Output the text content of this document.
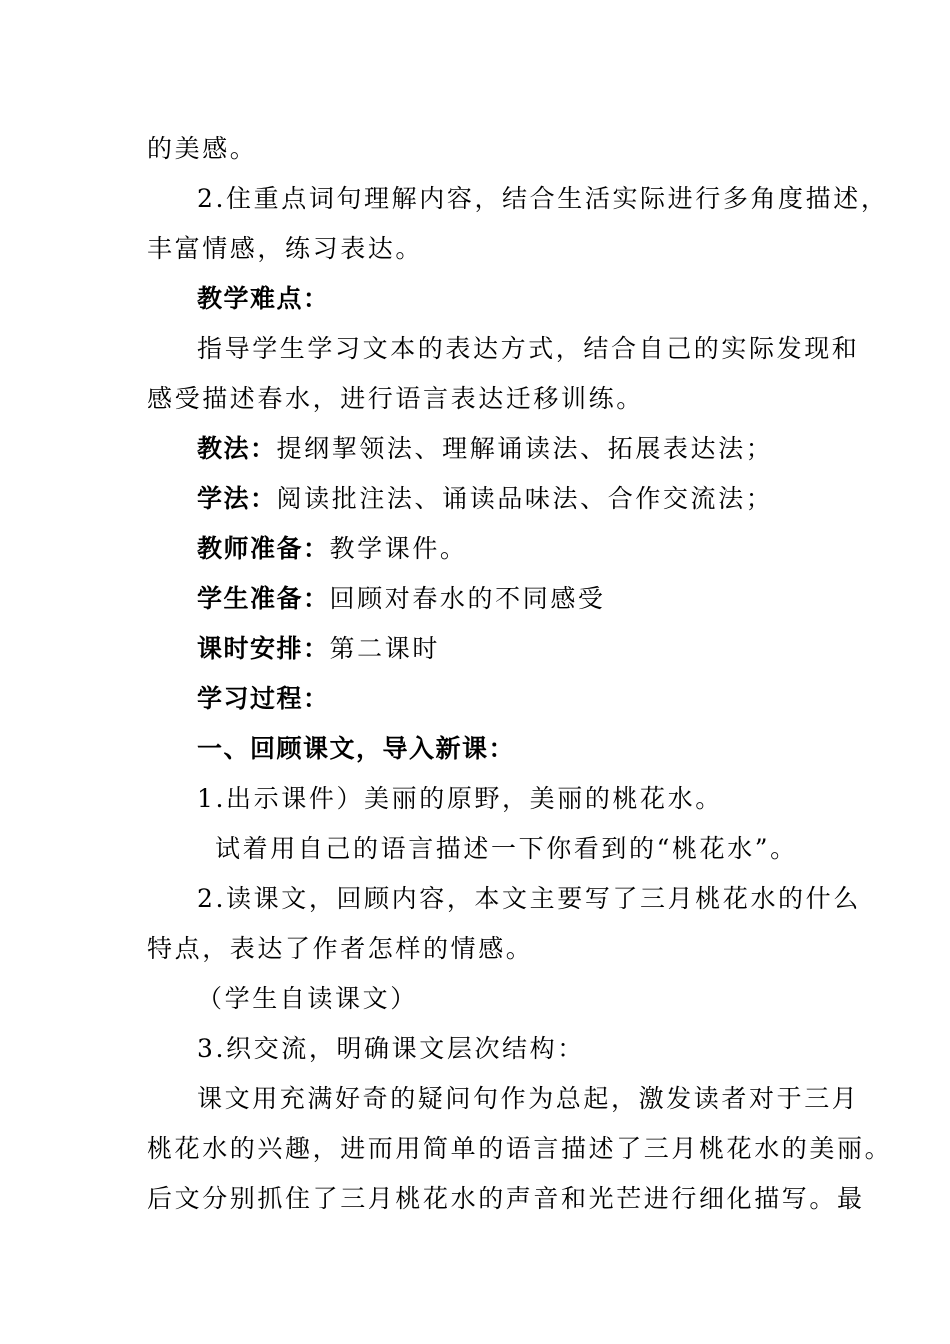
的美感。
2.住重点词句理解内容，结合生活实际进行多角度描述，
丰富情感，练习表达。
教学难点：
指导学生学习文本的表达方式，结合自己的实际发现和
感受描述春水，进行语言表达迁移训练。
教法：提纲挈领法、理解诵读法、拓展表达法；
学法：阅读批注法、诵读品味法、合作交流法；
教师准备：教学课件。
学生准备：回顾对春水的不同感受
课时安排：第二课时
学习过程：
一、回顾课文，导入新课：
1.出示课件）美丽的原野，美丽的桃花水。
试着用自己的语言描述一下你看到的“桃花水”。
2.读课文，回顾内容，本文主要写了三月桃花水的什么
特点，表达了作者怎样的情感。
（学生自读课文）
3.织交流，明确课文层次结构：
课文用充满好奇的疑问句作为总起，激发读者对于三月
桃花水的兴趣，进而用简单的语言描述了三月桃花水的美丽。
后文分别抓住了三月桃花水的声音和光芒进行细化描写。最
